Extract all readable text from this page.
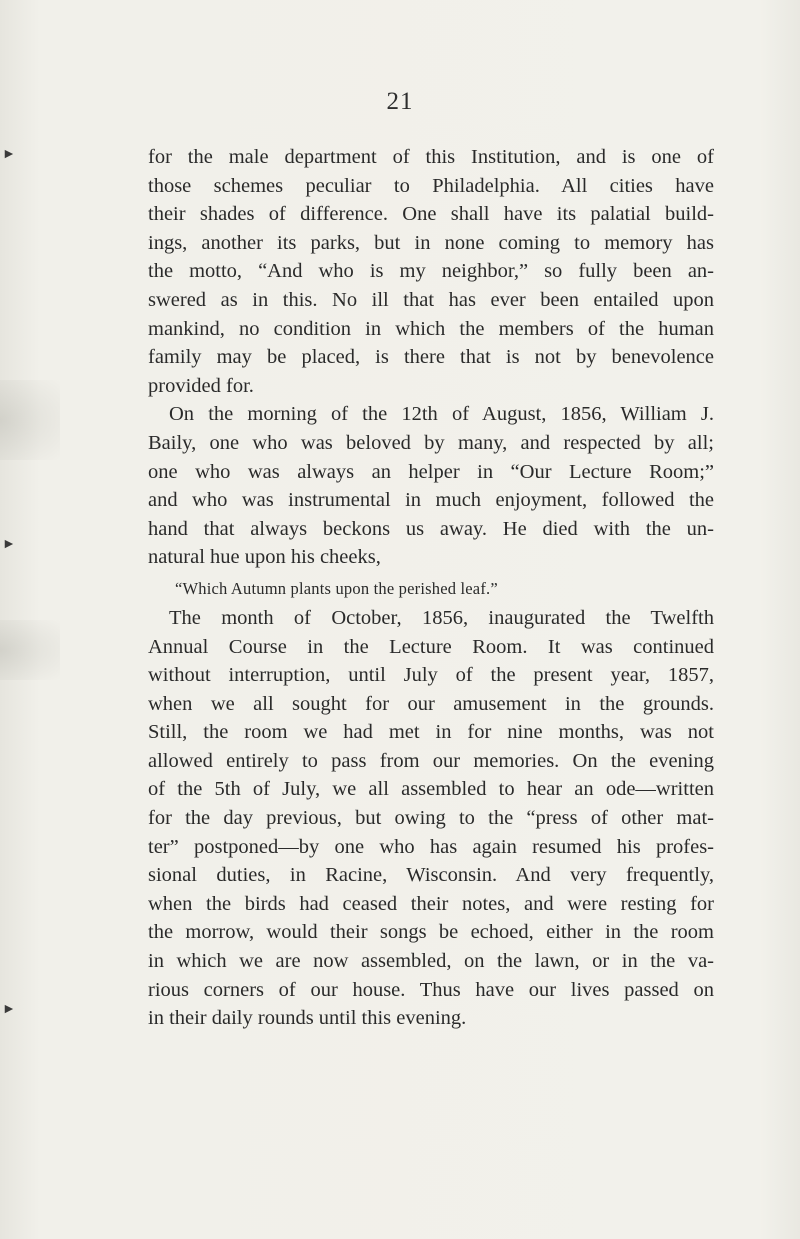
►
►
►
21
for the male department of this Institution, and is one of
those schemes peculiar to Philadelphia. All cities have
their shades of difference. One shall have its palatial build-
ings, another its parks, but in none coming to memory has
the motto, “And who is my neighbor,” so fully been an-
swered as in this. No ill that has ever been entailed upon
mankind, no condition in which the members of the human
family may be placed, is there that is not by benevolence
provided for.
On the morning of the 12th of August, 1856, William J.
Baily, one who was beloved by many, and respected by all;
one who was always an helper in “Our Lecture Room;”
and who was instrumental in much enjoyment, followed the
hand that always beckons us away. He died with the un-
natural hue upon his cheeks,
“Which Autumn plants upon the perished leaf.”
The month of October, 1856, inaugurated the Twelfth
Annual Course in the Lecture Room. It was continued
without interruption, until July of the present year, 1857,
when we all sought for our amusement in the grounds.
Still, the room we had met in for nine months, was not
allowed entirely to pass from our memories. On the evening
of the 5th of July, we all assembled to hear an ode—written
for the day previous, but owing to the “press of other mat-
ter” postponed—by one who has again resumed his profes-
sional duties, in Racine, Wisconsin. And very frequently,
when the birds had ceased their notes, and were resting for
the morrow, would their songs be echoed, either in the room
in which we are now assembled, on the lawn, or in the va-
rious corners of our house. Thus have our lives passed on
in their daily rounds until this evening.
